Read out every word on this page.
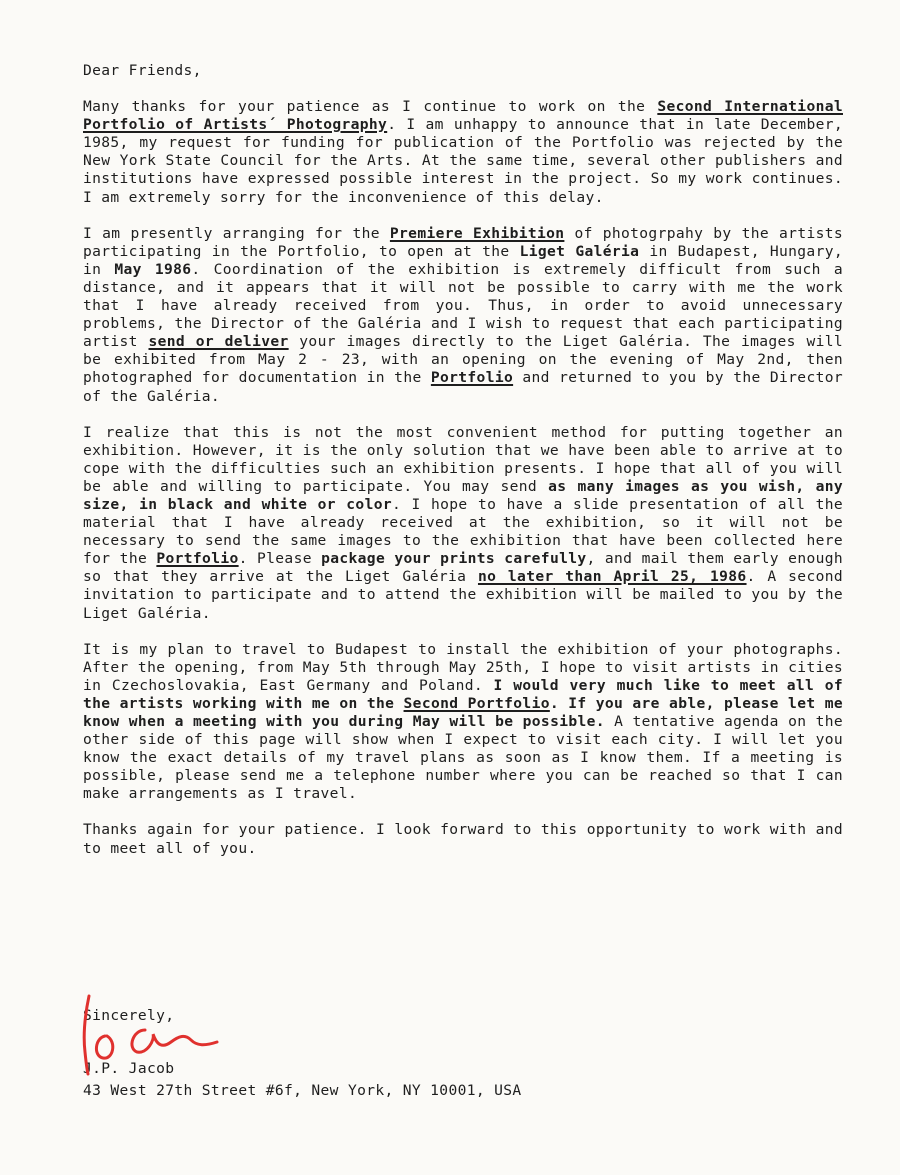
Dear Friends,
Many thanks for your patience as I continue to work on the Second International Portfolio of Artists´ Photography. I am unhappy to announce that in late December, 1985, my request for funding for publication of the Portfolio was rejected by the New York State Council for the Arts. At the same time, several other publishers and institutions have expressed possible interest in the project. So my work continues. I am extremely sorry for the inconvenience of this delay.
I am presently arranging for the Premiere Exhibition of photogrpahy by the artists participating in the Portfolio, to open at the Liget Galéria in Budapest, Hungary, in May 1986. Coordination of the exhibition is extremely difficult from such a distance, and it appears that it will not be possible to carry with me the work that I have already received from you. Thus, in order to avoid unnecessary problems, the Director of the Galéria and I wish to request that each participating artist send or deliver your images directly to the Liget Galéria. The images will be exhibited from May 2 - 23, with an opening on the evening of May 2nd, then photographed for documentation in the Portfolio and returned to you by the Director of the Galéria.
I realize that this is not the most convenient method for putting together an exhibition. However, it is the only solution that we have been able to arrive at to cope with the difficulties such an exhibition presents. I hope that all of you will be able and willing to participate. You may send as many images as you wish, any size, in black and white or color. I hope to have a slide presentation of all the material that I have already received at the exhibition, so it will not be necessary to send the same images to the exhibition that have been collected here for the Portfolio. Please package your prints carefully, and mail them early enough so that they arrive at the Liget Galéria no later than April 25, 1986. A second invitation to participate and to attend the exhibition will be mailed to you by the Liget Galéria.
It is my plan to travel to Budapest to install the exhibition of your photographs. After the opening, from May 5th through May 25th, I hope to visit artists in cities in Czechoslovakia, East Germany and Poland. I would very much like to meet all of the artists working with me on the Second Portfolio. If you are able, please let me know when a meeting with you during May will be possible. A tentative agenda on the other side of this page will show when I expect to visit each city. I will let you know the exact details of my travel plans as soon as I know them. If a meeting is possible, please send me a telephone number where you can be reached so that I can make arrangements as I travel.
Thanks again for your patience. I look forward to this opportunity to work with and to meet all of you.
Sincerely,
J.P. Jacob
43 West 27th Street #6f, New York, NY 10001, USA
